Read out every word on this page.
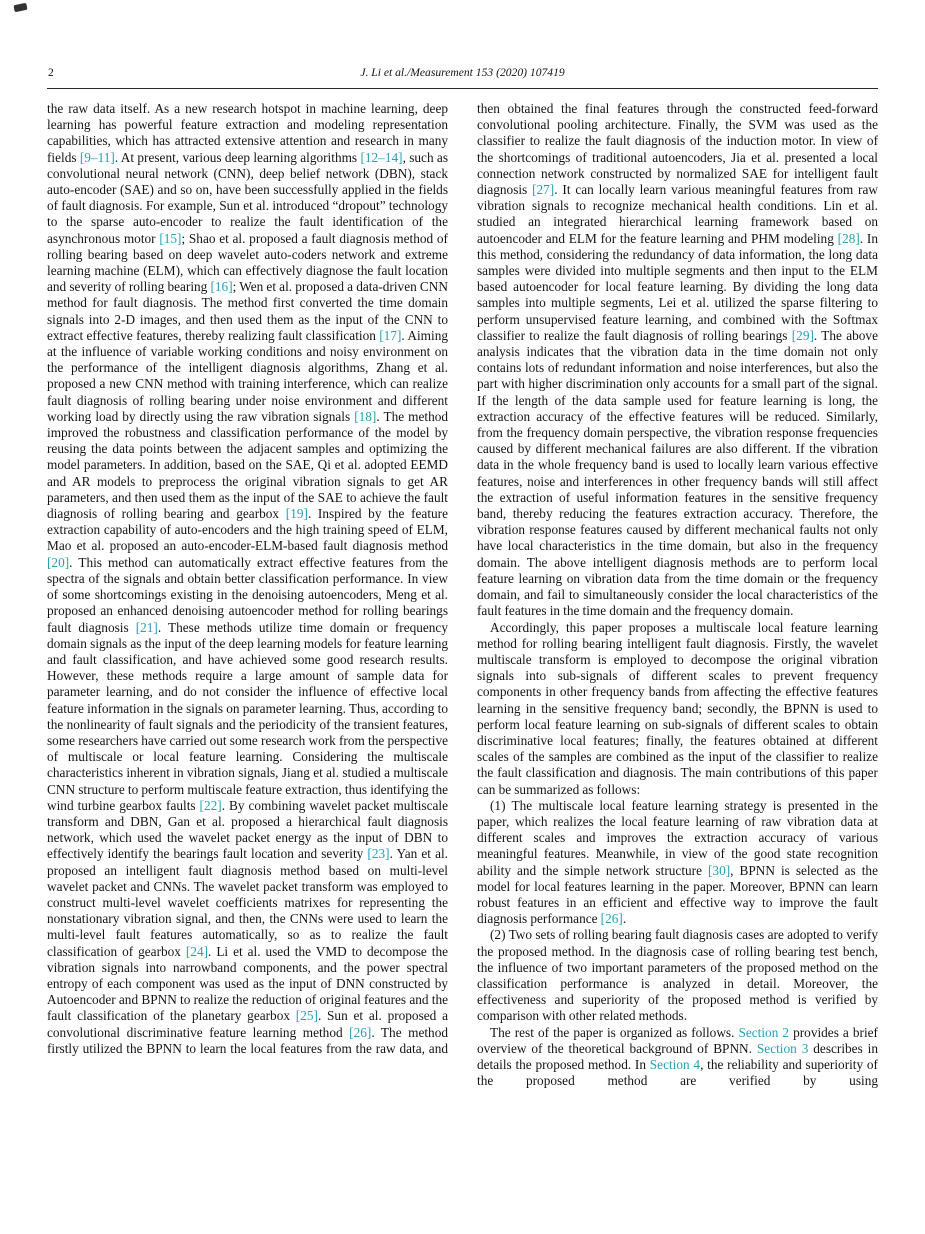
2	J. Li et al./Measurement 153 (2020) 107419

the raw data itself. As a new research hotspot in machine learning, deep learning has powerful feature extraction and modeling representation capabilities, which has attracted extensive attention and research in many fields [9–11]. At present, various deep learning algorithms [12–14], such as convolutional neural network (CNN), deep belief network (DBN), stack auto-encoder (SAE) and so on, have been successfully applied in the fields of fault diagnosis. For example, Sun et al. introduced “dropout” technology to the sparse auto-encoder to realize the fault identification of the asynchronous motor [15]; Shao et al. proposed a fault diagnosis method of rolling bearing based on deep wavelet auto-coders network and extreme learning machine (ELM), which can effectively diagnose the fault location and severity of rolling bearing [16]; Wen et al. proposed a data-driven CNN method for fault diagnosis. The method first converted the time domain signals into 2-D images, and then used them as the input of the CNN to extract effective features, thereby realizing fault classification [17]. Aiming at the influence of variable working conditions and noisy environment on the performance of the intelligent diagnosis algorithms, Zhang et al. proposed a new CNN method with training interference, which can realize fault diagnosis of rolling bearing under noise environment and different working load by directly using the raw vibration signals [18]. The method improved the robustness and classification performance of the model by reusing the data points between the adjacent samples and optimizing the model parameters. In addition, based on the SAE, Qi et al. adopted EEMD and AR models to preprocess the original vibration signals to get AR parameters, and then used them as the input of the SAE to achieve the fault diagnosis of rolling bearing and gearbox [19]. Inspired by the feature extraction capability of auto-encoders and the high training speed of ELM, Mao et al. proposed an auto-encoder-ELM-based fault diagnosis method [20]. This method can automatically extract effective features from the spectra of the signals and obtain better classification performance. In view of some shortcomings existing in the denoising autoencoders, Meng et al. proposed an enhanced denoising autoencoder method for rolling bearings fault diagnosis [21]. These methods utilize time domain or frequency domain signals as the input of the deep learning models for feature learning and fault classification, and have achieved some good research results. However, these methods require a large amount of sample data for parameter learning, and do not consider the influence of effective local feature information in the signals on parameter learning. Thus, according to the nonlinearity of fault signals and the periodicity of the transient features, some researchers have carried out some research work from the perspective of multiscale or local feature learning. Considering the multiscale characteristics inherent in vibration signals, Jiang et al. studied a multiscale CNN structure to perform multiscale feature extraction, thus identifying the wind turbine gearbox faults [22]. By combining wavelet packet multiscale transform and DBN, Gan et al. proposed a hierarchical fault diagnosis network, which used the wavelet packet energy as the input of DBN to effectively identify the bearings fault location and severity [23]. Yan et al. proposed an intelligent fault diagnosis method based on multi-level wavelet packet and CNNs. The wavelet packet transform was employed to construct multi-level wavelet coefficients matrixes for representing the nonstationary vibration signal, and then, the CNNs were used to learn the multi-level fault features automatically, so as to realize the fault classification of gearbox [24]. Li et al. used the VMD to decompose the vibration signals into narrowband components, and the power spectral entropy of each component was used as the input of DNN constructed by Autoencoder and BPNN to realize the reduction of original features and the fault classification of the planetary gearbox [25]. Sun et al. proposed a convolutional discriminative feature learning method [26]. The method firstly utilized the BPNN to learn the local features from the raw data, and

then obtained the final features through the constructed feed-forward convolutional pooling architecture. Finally, the SVM was used as the classifier to realize the fault diagnosis of the induction motor. In view of the shortcomings of traditional autoencoders, Jia et al. presented a local connection network constructed by normalized SAE for intelligent fault diagnosis [27]. It can locally learn various meaningful features from raw vibration signals to recognize mechanical health conditions. Lin et al. studied an integrated hierarchical learning framework based on autoencoder and ELM for the feature learning and PHM modeling [28]. In this method, considering the redundancy of data information, the long data samples were divided into multiple segments and then input to the ELM based autoencoder for local feature learning. By dividing the long data samples into multiple segments, Lei et al. utilized the sparse filtering to perform unsupervised feature learning, and combined with the Softmax classifier to realize the fault diagnosis of rolling bearings [29]. The above analysis indicates that the vibration data in the time domain not only contains lots of redundant information and noise interferences, but also the part with higher discrimination only accounts for a small part of the signal. If the length of the data sample used for feature learning is long, the extraction accuracy of the effective features will be reduced. Similarly, from the frequency domain perspective, the vibration response frequencies caused by different mechanical failures are also different. If the vibration data in the whole frequency band is used to locally learn various effective features, noise and interferences in other frequency bands will still affect the extraction of useful information features in the sensitive frequency band, thereby reducing the features extraction accuracy. Therefore, the vibration response features caused by different mechanical faults not only have local characteristics in the time domain, but also in the frequency domain. The above intelligent diagnosis methods are to perform local feature learning on vibration data from the time domain or the frequency domain, and fail to simultaneously consider the local characteristics of the fault features in the time domain and the frequency domain.

Accordingly, this paper proposes a multiscale local feature learning method for rolling bearing intelligent fault diagnosis. Firstly, the wavelet multiscale transform is employed to decompose the original vibration signals into sub-signals of different scales to prevent frequency components in other frequency bands from affecting the effective features learning in the sensitive frequency band; secondly, the BPNN is used to perform local feature learning on sub-signals of different scales to obtain discriminative local features; finally, the features obtained at different scales of the samples are combined as the input of the classifier to realize the fault classification and diagnosis. The main contributions of this paper can be summarized as follows:

(1) The multiscale local feature learning strategy is presented in the paper, which realizes the local feature learning of raw vibration data at different scales and improves the extraction accuracy of various meaningful features. Meanwhile, in view of the good state recognition ability and the simple network structure [30], BPNN is selected as the model for local features learning in the paper. Moreover, BPNN can learn robust features in an efficient and effective way to improve the fault diagnosis performance [26].

(2) Two sets of rolling bearing fault diagnosis cases are adopted to verify the proposed method. In the diagnosis case of rolling bearing test bench, the influence of two important parameters of the proposed method on the classification performance is analyzed in detail. Moreover, the effectiveness and superiority of the proposed method is verified by comparison with other related methods.

The rest of the paper is organized as follows. Section 2 provides a brief overview of the theoretical background of BPNN. Section 3 describes in details the proposed method. In Section 4, the reliability and superiority of the proposed method are verified by using
